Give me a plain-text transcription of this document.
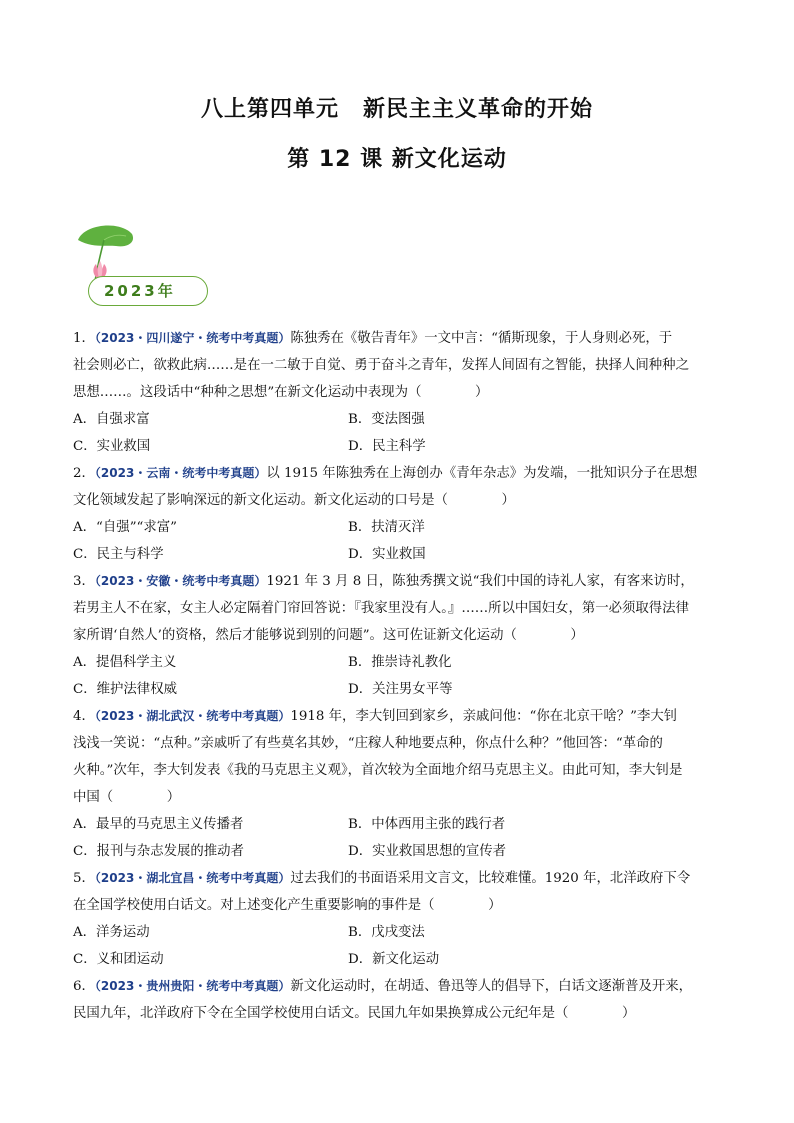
八上第四单元 新民主主义革命的开始
第 12 课 新文化运动
2023年
1．（2023・四川遂宁・统考中考真题）陈独秀在《敬告青年》一文中言：“循斯现象，于人身则必死，于
社会则必亡，欲救此病……是在一二敏于自觉、勇于奋斗之青年，发挥人间固有之智能，抉择人间种种之
思想……。这段话中“种种之思想”在新文化运动中表现为（　　　　）
A．自强求富	B．变法图强
C．实业救国	D．民主科学
2．（2023・云南・统考中考真题）以 1915 年陈独秀在上海创办《青年杂志》为发端，一批知识分子在思想
文化领域发起了影响深远的新文化运动。新文化运动的口号是（　　　　）
A．“自强”“求富”	B．扶清灭洋
C．民主与科学	D．实业救国
3．（2023・安徽・统考中考真题）1921 年 3 月 8 日，陈独秀撰文说“我们中国的诗礼人家，有客来访时，
若男主人不在家，女主人必定隔着门帘回答说：『我家里没有人。』……所以中国妇女，第一必须取得法律
家所谓‘自然人’的资格，然后才能够说到别的问题”。这可佐证新文化运动（　　　　）
A．提倡科学主义	B．推崇诗礼教化
C．维护法律权威	D．关注男女平等
4．（2023・湖北武汉・统考中考真题）1918 年，李大钊回到家乡，亲戚问他：“你在北京干啥？”李大钊
浅浅一笑说：“点种。”亲戚听了有些莫名其妙，“庄稼人种地要点种，你点什么种？”他回答：“革命的
火种。”次年，李大钊发表《我的马克思主义观》，首次较为全面地介绍马克思主义。由此可知，李大钊是
中国（　　　　）
A．最早的马克思主义传播者	B．中体西用主张的践行者
C．报刊与杂志发展的推动者	D．实业救国思想的宣传者
5．（2023・湖北宜昌・统考中考真题）过去我们的书面语采用文言文，比较难懂。1920 年，北洋政府下令
在全国学校使用白话文。对上述变化产生重要影响的事件是（　　　　）
A．洋务运动	B．戊戌变法
C．义和团运动	D．新文化运动
6．（2023・贵州贵阳・统考中考真题）新文化运动时，在胡适、鲁迅等人的倡导下，白话文逐渐普及开来，
民国九年，北洋政府下令在全国学校使用白话文。民国九年如果换算成公元纪年是（　　　　）
